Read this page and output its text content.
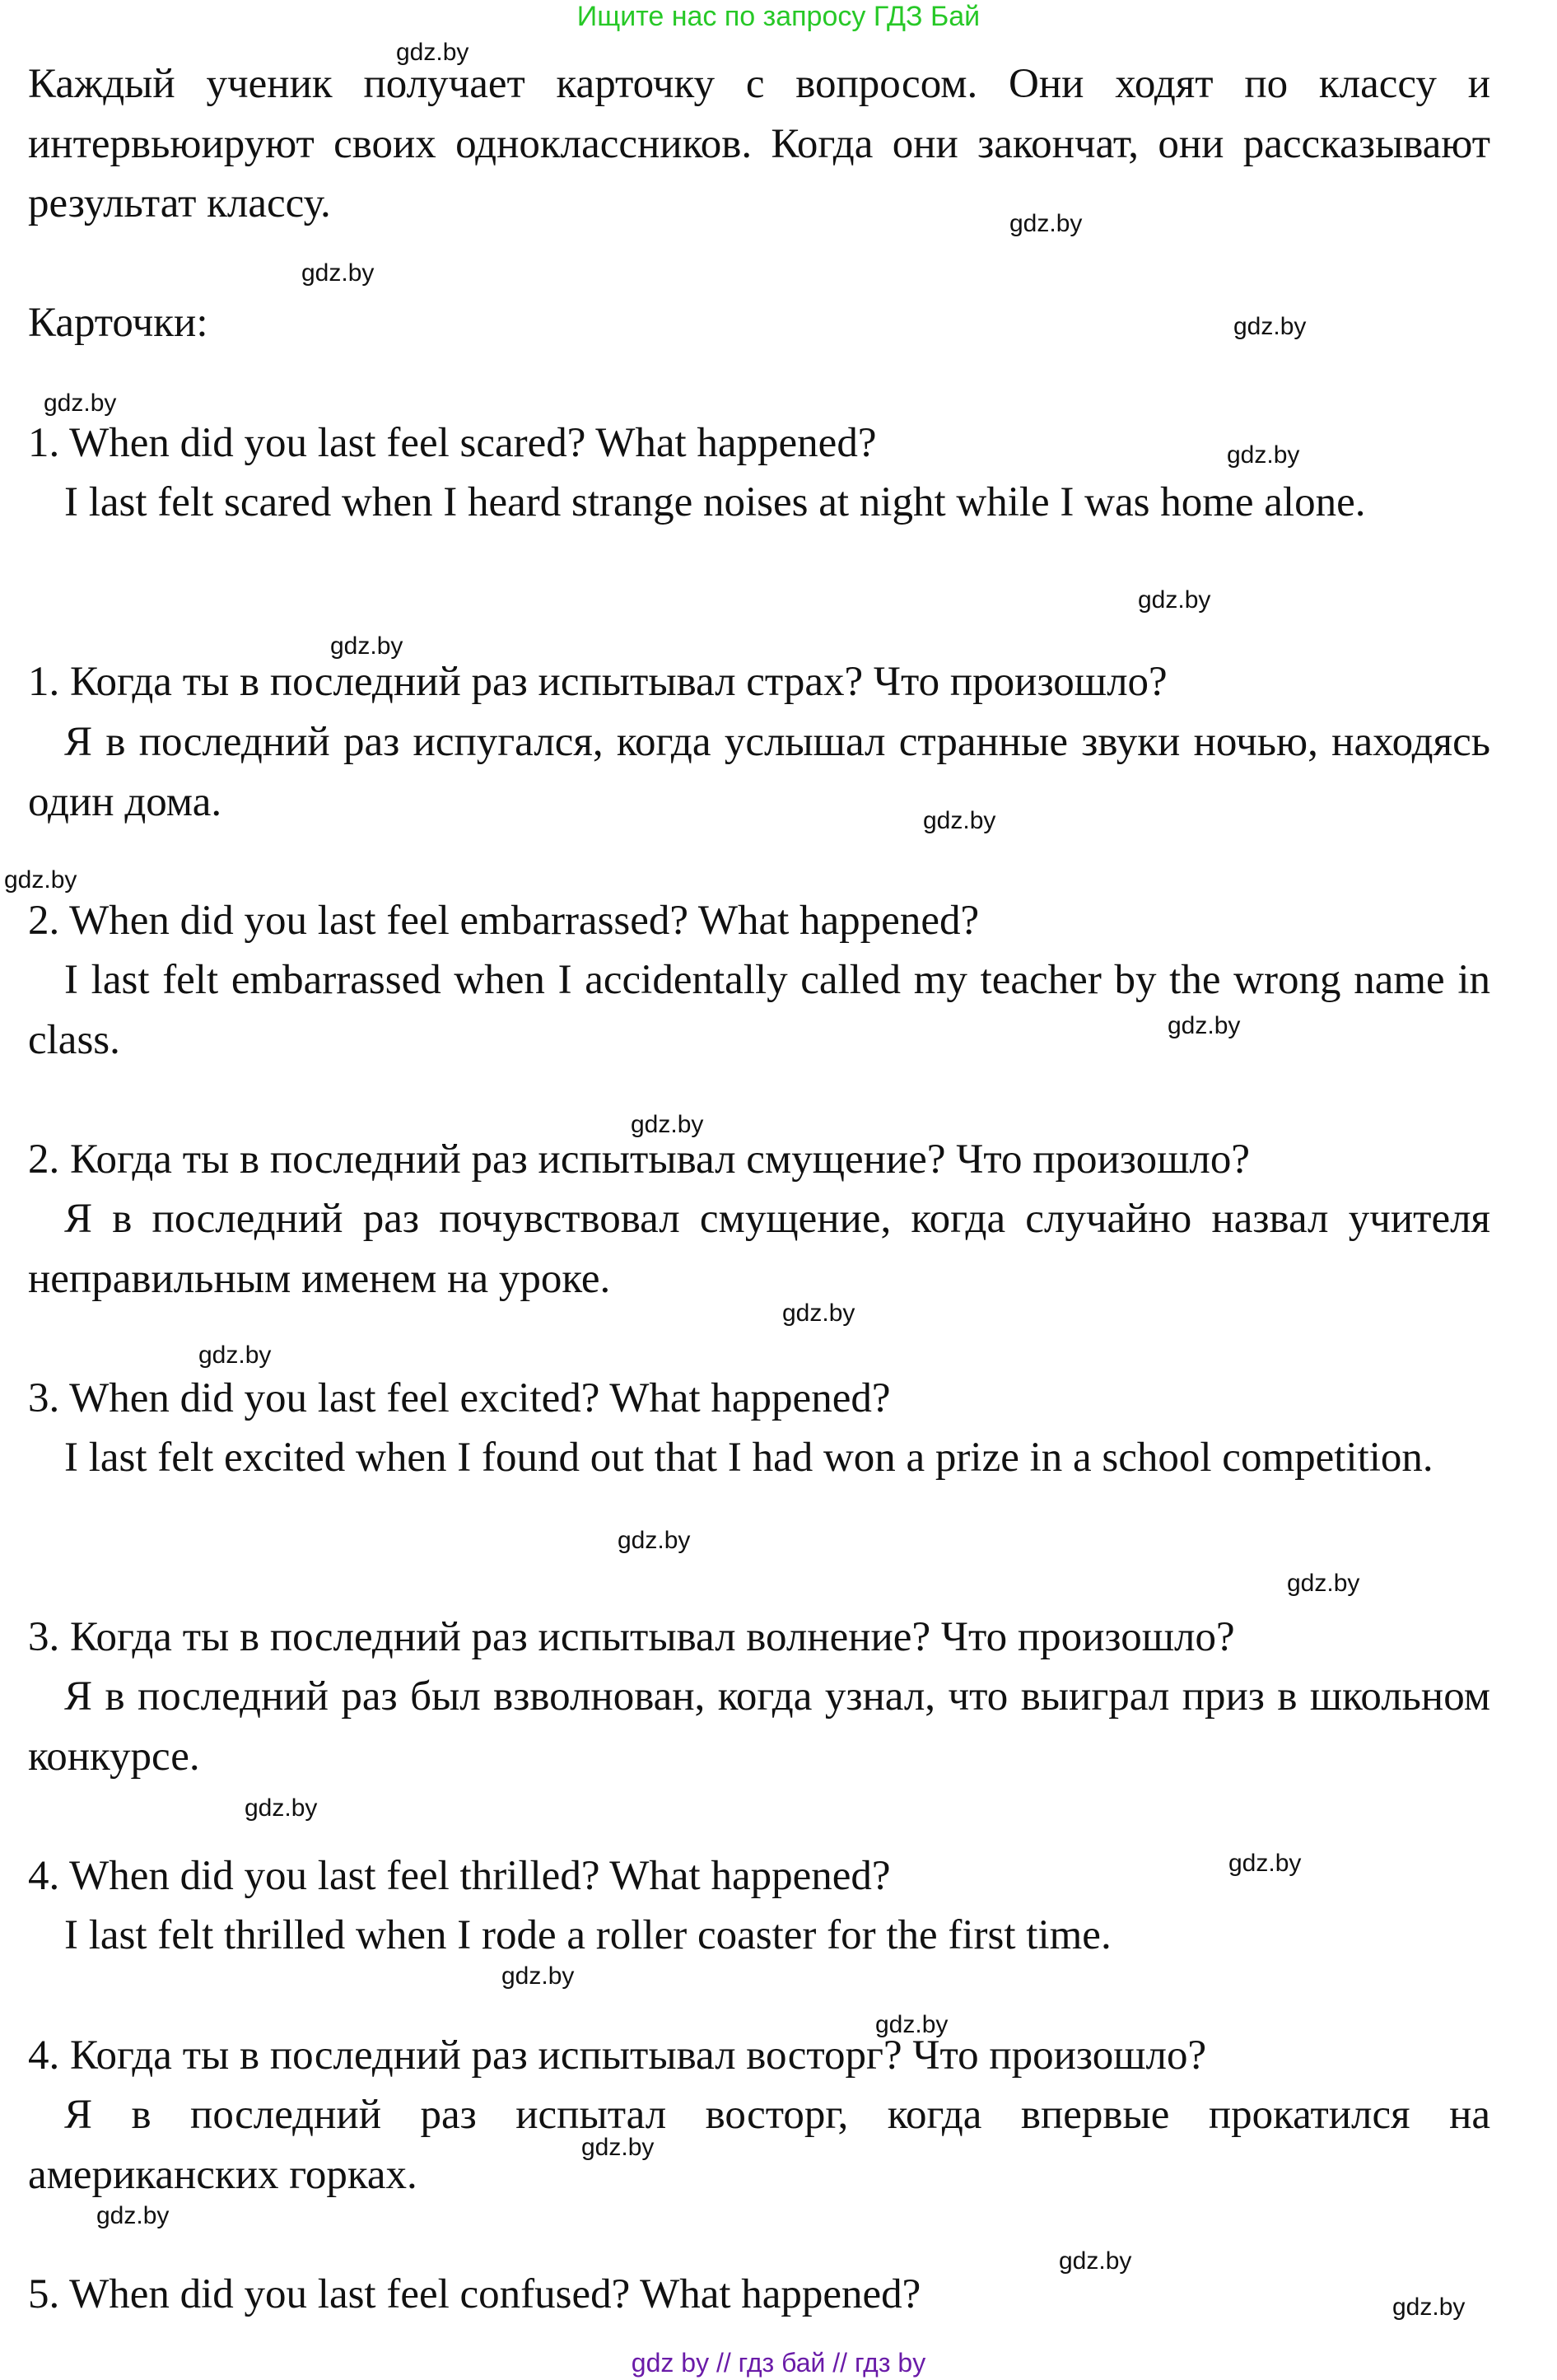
Ищите нас по запросу ГДЗ Бай
Каждый ученик получает карточку с вопросом. Они ходят по классу и интервьюируют своих одноклассников. Когда они закончат, они рассказывают результат классу.
Карточки:
1. When did you last feel scared? What happened?
I last felt scared when I heard strange noises at night while I was home alone.
1. Когда ты в последний раз испытывал страх? Что произошло?
Я в последний раз испугался, когда услышал странные звуки ночью, находясь один дома.
2. When did you last feel embarrassed? What happened?
I last felt embarrassed when I accidentally called my teacher by the wrong name in class.
2. Когда ты в последний раз испытывал смущение? Что произошло?
Я в последний раз почувствовал смущение, когда случайно назвал учителя неправильным именем на уроке.
3. When did you last feel excited? What happened?
I last felt excited when I found out that I had won a prize in a school competition.
3. Когда ты в последний раз испытывал волнение? Что произошло?
Я в последний раз был взволнован, когда узнал, что выиграл приз в школьном конкурсе.
4. When did you last feel thrilled? What happened?
I last felt thrilled when I rode a roller coaster for the first time.
4. Когда ты в последний раз испытывал восторг? Что произошло?
Я в последний раз испытал восторг, когда впервые прокатился на американских горках.
5. When did you last feel confused? What happened?
gdz.by
gdz.by
gdz.by
gdz.by
gdz.by
gdz.by
gdz.by
gdz.by
gdz.by
gdz.by
gdz.by
gdz.by
gdz.by
gdz.by
gdz.by
gdz.by
gdz.by
gdz.by
gdz.by
gdz.by
gdz.by
gdz.by
gdz.by
gdz.by
gdz by // гдз бай // гдз by
